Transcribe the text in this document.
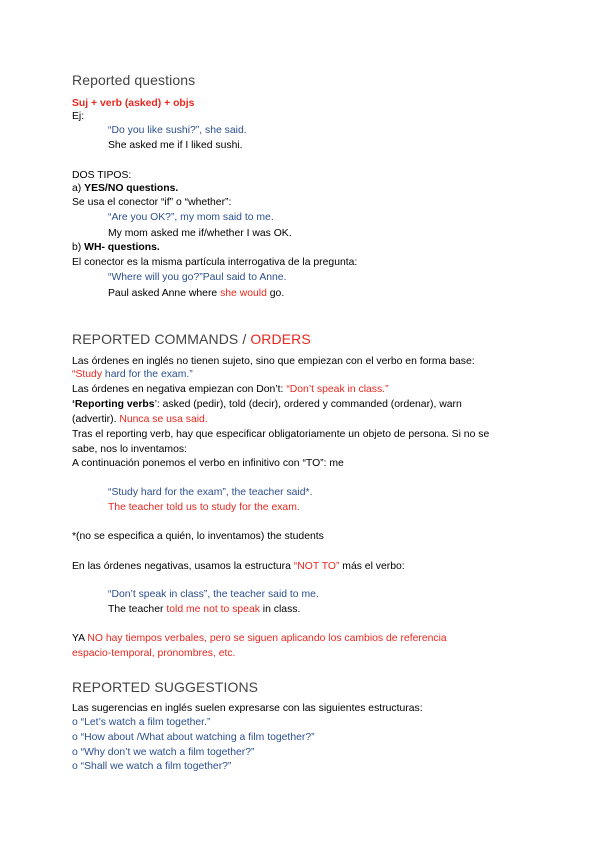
Reported questions
Suj + verb (asked) + objs
Ej:
“Do you like sushi?”, she said.
She asked me if I liked sushi.
DOS TIPOS:
a) YES/NO questions.
Se usa el conector “if” o “whether”:
“Are you OK?”, my mom said to me.
My mom asked me if/whether I was OK.
b) WH- questions.
El conector es la misma partícula interrogativa de la pregunta:
“Where will you go?”Paul said to Anne.
Paul asked Anne where she would go.
REPORTED COMMANDS / ORDERS
Las órdenes en inglés no tienen sujeto, sino que empiezan con el verbo en forma base:
“Study hard for the exam.”
Las órdenes en negativa empiezan con Don’t: “Don’t speak in class.”
‘Reporting verbs’: asked (pedir), told (decir), ordered y commanded (ordenar), warn
(advertir). Nunca se usa said.
Tras el reporting verb, hay que especificar obligatoriamente un objeto de persona. Si no se
sabe, nos lo inventamos:
A continuación ponemos el verbo en infinitivo con “TO”: me
“Study hard for the exam”, the teacher said*.
The teacher told us to study for the exam.
*(no se especifica a quién, lo inventamos) the students
En las órdenes negativas, usamos la estructura “NOT TO” más el verbo:
“Don’t speak in class”, the teacher said to me.
The teacher told me not to speak in class.
YA NO hay tiempos verbales, pero se siguen aplicando los cambios de referencia
espacio-temporal, pronombres, etc.
REPORTED SUGGESTIONS
Las sugerencias en inglés suelen expresarse con las siguientes estructuras:
o “Let’s watch a film together.”
o “How about /What about watching a film together?”
o “Why don’t we watch a film together?”
o “Shall we watch a film together?”
